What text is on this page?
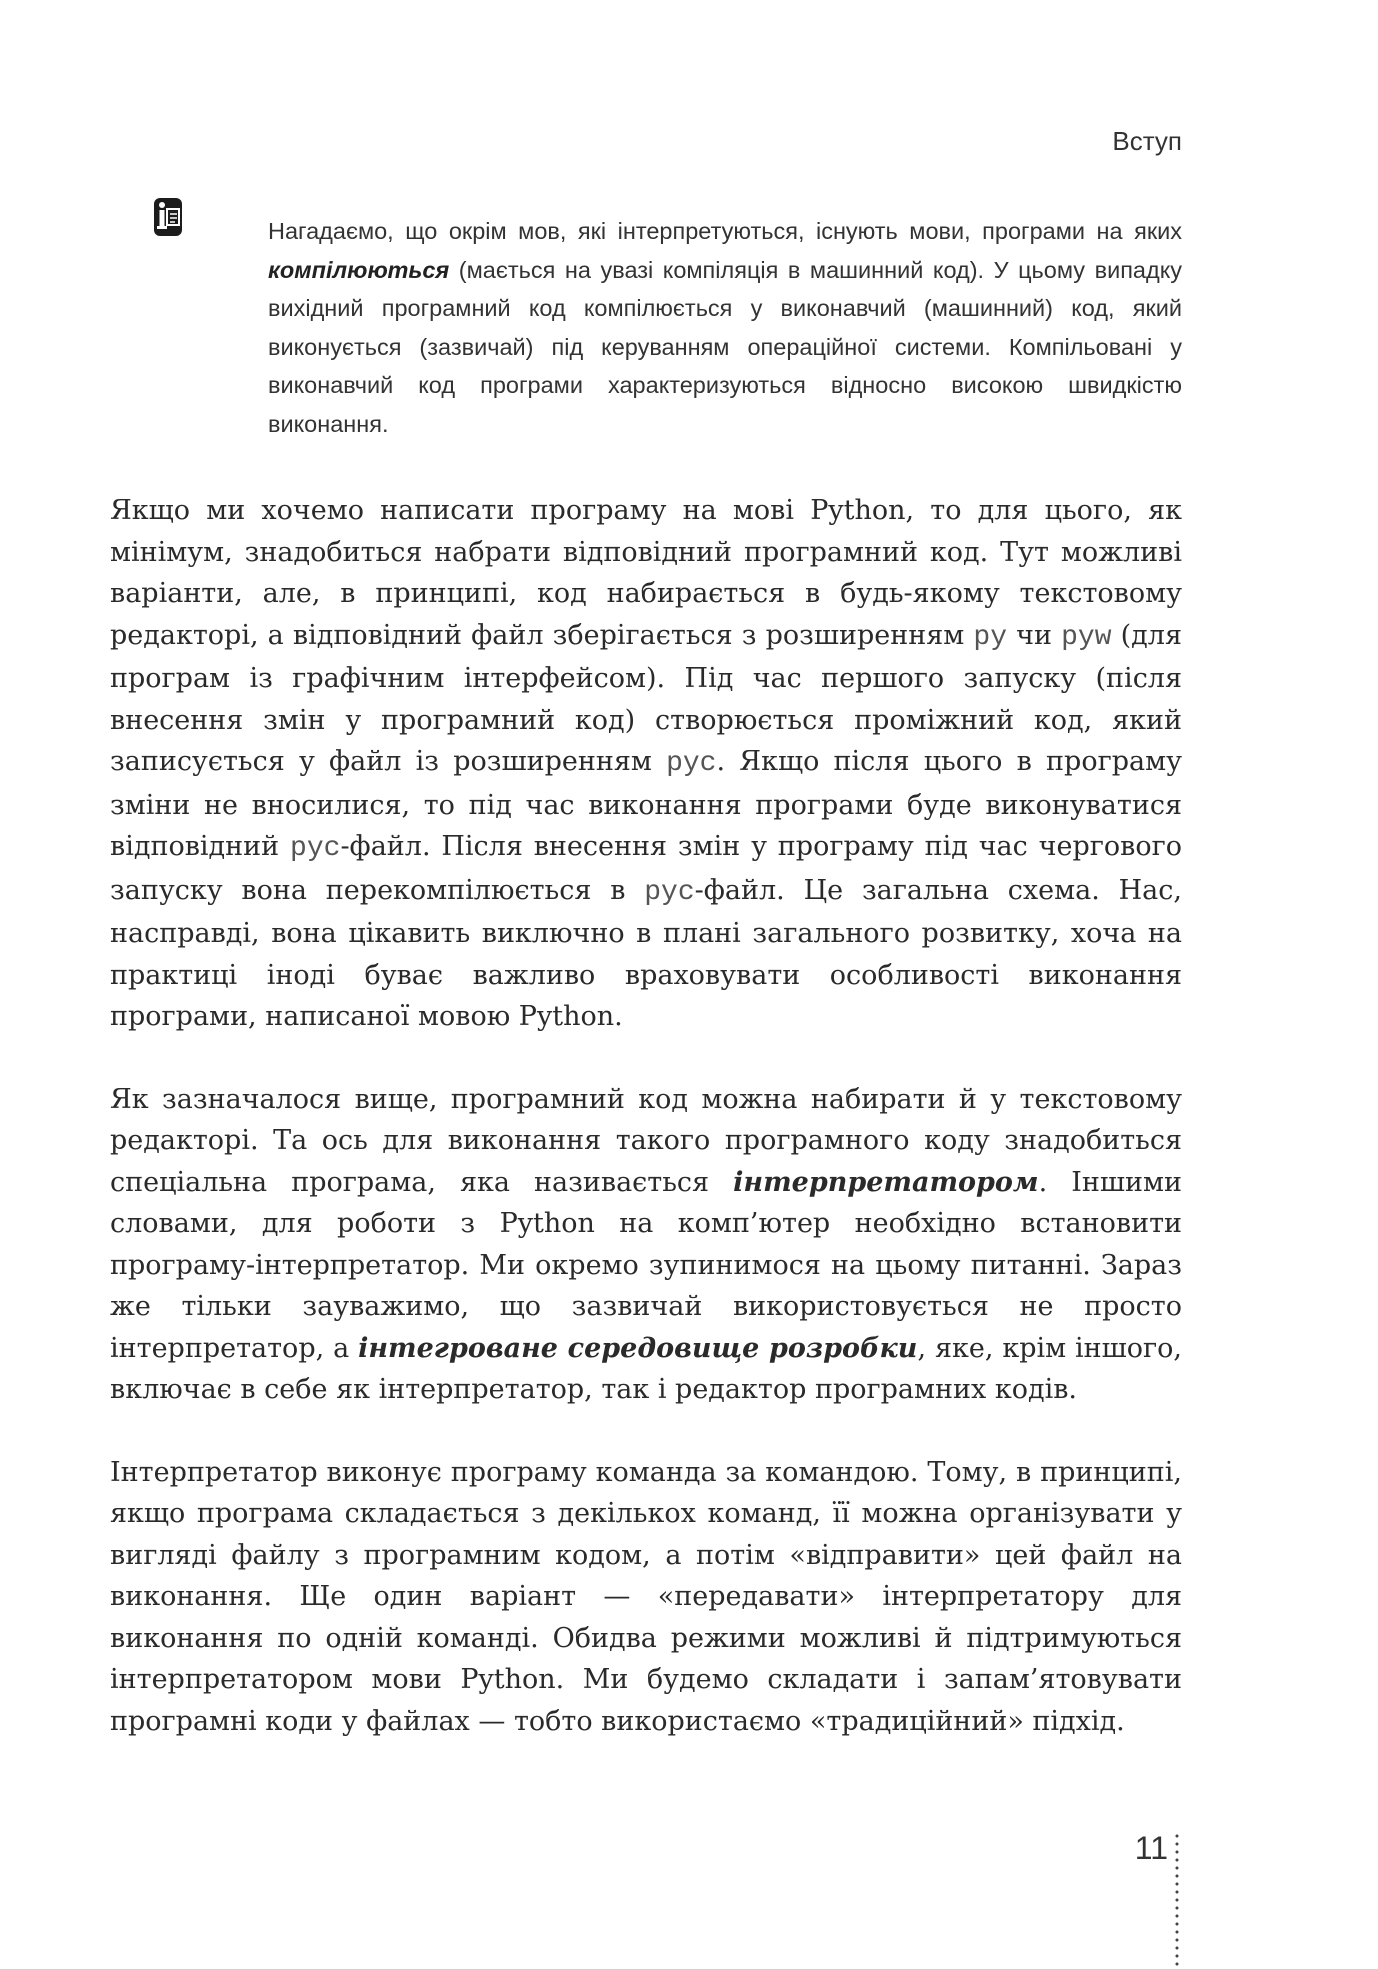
Вступ

Нагадаємо, що окрім мов, які інтерпретуються, існують мови, програми на яких компілюються (мається на увазі компіляція в машинний код). У цьому випадку вихідний програмний код компілюється у виконавчий (машинний) код, який виконується (зазвичай) під керуванням операційної системи. Компільовані у виконавчий код програми характеризуються відносно високою швидкістю виконання.

Якщо ми хочемо написати програму на мові Python, то для цього, як мінімум, знадобиться набрати відповідний програмний код. Тут можливі варіанти, але, в принципі, код набирається в будь-якому текстовому редакторі, а відповідний файл зберігається з розширенням py чи pyw (для програм із графічним інтерфейсом). Під час першого запуску (після внесення змін у програмний код) створюється проміжний код, який записується у файл із розширенням pyc. Якщо після цього в програму зміни не вносилися, то під час виконання програми буде виконуватися відповідний pyc-файл. Після внесення змін у програму під час чергового запуску вона перекомпілюється в pyc-файл. Це загальна схема. Нас, насправді, вона цікавить виключно в плані загального розвитку, хоча на практиці іноді буває важливо враховувати особливості виконання програми, написаної мовою Python.

Як зазначалося вище, програмний код можна набирати й у текстовому редакторі. Та ось для виконання такого програмного коду знадобиться спеціальна програма, яка називається інтерпретатором. Іншими словами, для роботи з Python на комп’ютер необхідно встановити програму-інтерпретатор. Ми окремо зупинимося на цьому питанні. Зараз же тільки зауважимо, що зазвичай використовується не просто інтерпретатор, а інтегроване середовище розробки, яке, крім іншого, включає в себе як інтерпретатор, так і редактор програмних кодів.

Інтерпретатор виконує програму команда за командою. Тому, в принципі, якщо програма складається з декількох команд, її можна організувати у вигляді файлу з програмним кодом, а потім «відправити» цей файл на виконання. Ще один варіант — «передавати» інтерпретатору для виконання по одній команді. Обидва режими можливі й підтримуються інтерпретатором мови Python. Ми будемо складати і запам’ятовувати програмні коди у файлах — тобто використаємо «традиційний» підхід.

11
